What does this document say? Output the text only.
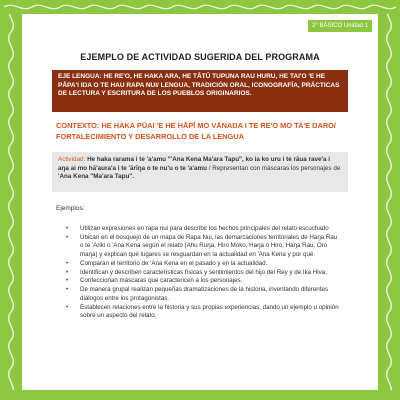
2° BÁSICO Unidad 1
EJEMPLO DE ACTIVIDAD SUGERIDA DEL PROGRAMA
EJE LENGUA: HE RE'O, HE HAKA ARA, HE TĀTŪ TUPUNA RAU HURU, HE TAI'O 'E HE PĀPA'I IŊA O TE HAU RAPA NUI/ LENGUA, TRADICIÓN ORAL, ICONOGRAFÍA, PRÁCTICAS DE LECTURA Y ESCRITURA DE LOS PUEBLOS ORIGINARIOS.
CONTEXTO: HE HAKA PŪAI 'E HE HĀPĪ MO VĀNAŊA I TE RE'O MO TA'E ŊARO/ FORTALECIMIENTO Y DESARROLLO DE LA LENGUA
Actividad: He haka rarama i te 'a'amu "'Ana Kena Ma'ara Tapu", ko ia ko uru i te rāua rave'a i aŋa ai mo hā'aura'a i te 'ārīŋa o te nu'u o te 'a'amu / Representan con máscaras los personajes de 'Ana Kena "Ma'ara Tapu".
Ejemplos:
• Utilizan expresiones en rapa nui para describir los hechos principales del relato escuchado
• Ubican en el bosquejo de un mapa de Rapa Nui, las demarcaciones territoriales de Haŋa Rau o te 'Ariki o 'Ana Kena según el relato (Ahu Ruŋa, Hiro Moko, Haŋa o Hiro, Haŋa Rau, Oro maŋa) y explican qué lugares se resguardan en la actualidad en 'Ana Kena y por qué.
• Comparan el territorio de 'Ana Kena en el pasado y en la actualidad.
• Identifican y describen características físicas y sentimientos del hijo del Rey y de Ika Hiva.
• Confeccionan máscaras que caractericen a los personajes.
• De manera grupal realizan pequeñas dramatizaciones de la historia, inventando diferentes diálogos entre los protagonistas.
• Establecen relaciones entre la historia y sus propias experiencias, dando un ejemplo u opinión sobre un aspecto del relato.
